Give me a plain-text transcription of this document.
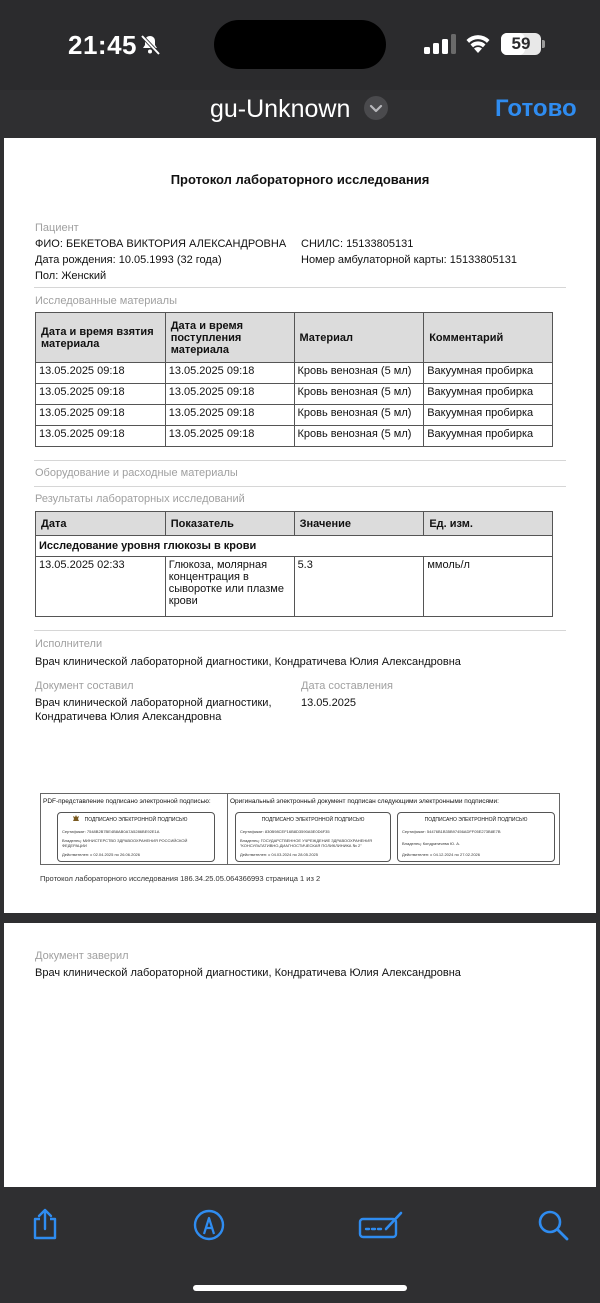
21:45	59
gu-Unknown	Готово
Протокол лабораторного исследования
Пациент
ФИО: БЕКЕТОВА ВИКТОРИЯ АЛЕКСАНДРОВНА СНИЛС: 15133805131
Дата рождения: 10.05.1993 (32 года)	Номер амбулаторной карты: 15133805131
Пол: Женский
Исследованные материалы
Дата и время взятия материала	Дата и время поступления материала	Материал	Комментарий
13.05.2025 09:18	13.05.2025 09:18	Кровь венозная (5 мл)	Вакуумная пробирка
13.05.2025 09:18	13.05.2025 09:18	Кровь венозная (5 мл)	Вакуумная пробирка
13.05.2025 09:18	13.05.2025 09:18	Кровь венозная (5 мл)	Вакуумная пробирка
13.05.2025 09:18	13.05.2025 09:18	Кровь венозная (5 мл)	Вакуумная пробирка
Оборудование и расходные материалы
Результаты лабораторных исследований
Дата	Показатель	Значение	Ед. изм.
Исследование уровня глюкозы в крови			
13.05.2025 02:33	Глюкоза, молярная концентрация в сыворотке или плазме крови	5.3	ммоль/л
Исполнители
Врач клинической лабораторной диагностики, Кондратичева Юлия Александровна
Документ составил
Врач клинической лабораторной диагностики,
Кондратичева Юлия Александровна
Дата составления
13.05.2025
PDF-представление подписано электронной подписью:	Оригинальный электронный документ подписан следующими электронными подписями:
ПОДПИСАНО ЭЛЕКТРОННОЙ ПОДПИСЬЮ
Сертификат: 7548B2B7BE4B8AB0A7A5286BE92E1A
Владелец: МИНИСТЕРСТВО ЗДРАВООХРАНЕНИЯ РОССИЙСКОЙ ФЕДЕРАЦИИ
Действителен: с 02.04.2025 по 26.06.2026
ПОДПИСАНО ЭЛЕКТРОННОЙ ПОДПИСЬЮ
Сертификат: 830B98CEF16B8D3590A5E0D6F35
Владелец: ГОСУДАРСТВЕННОЕ УЧРЕЖДЕНИЕ ЗДРАВООХРАНЕНИЯ "КОНСУЛЬТАТИВНО-ДИАГНОСТИЧЕСКАЯ ПОЛИКЛИНИКА № 2"
Действителен: с 04.03.2024 по 28.05.2025
ПОДПИСАНО ЭЛЕКТРОННОЙ ПОДПИСЬЮ
Сертификат: 54476B1B35B97456ADFF05E273B8E7B
Владелец: Кондратичева Ю. А.
Действителен: с 04.12.2024 по 27.02.2026
Протокол лабораторного исследования 186.34.25.05.064366993 страница 1 из 2
Документ заверил
Врач клинической лабораторной диагностики, Кондратичева Юлия Александровна
